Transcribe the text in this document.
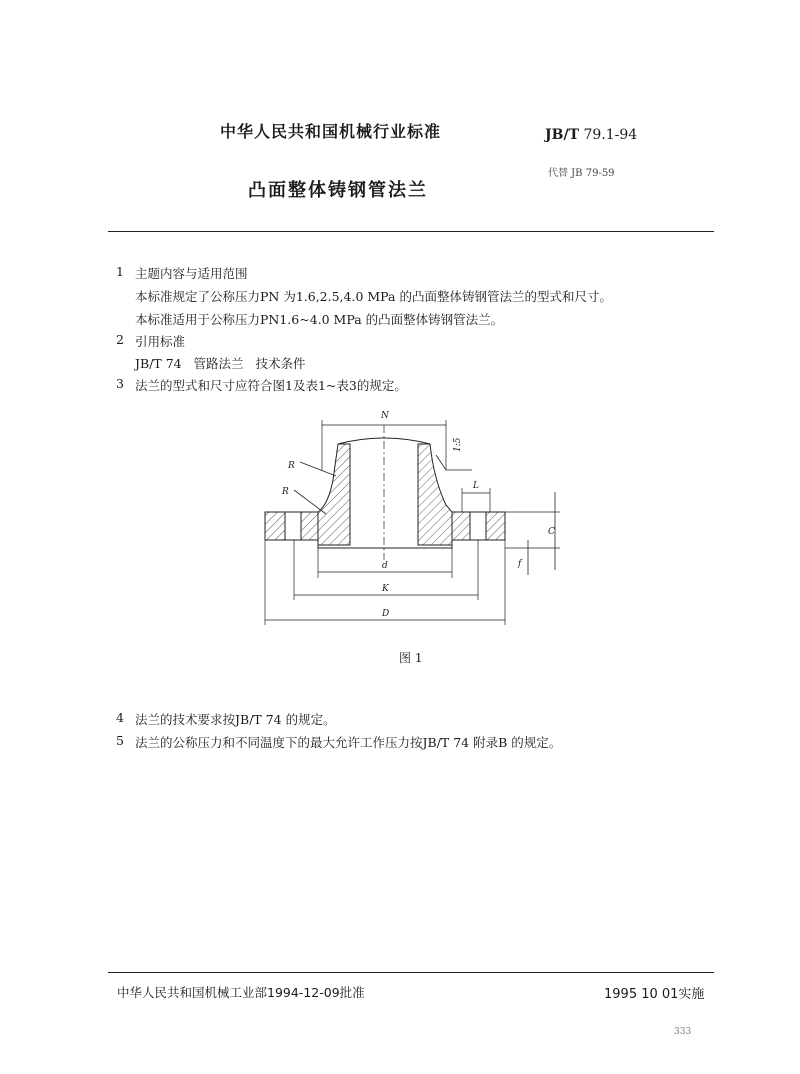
中华人民共和国机械行业标准	JB/T 79.1-94
代替 JB 79-59
凸面整体铸钢管法兰
1 主题内容与适用范围
本标准规定了公称压力PN 为1.6,2.5,4.0 MPa 的凸面整体铸钢管法兰的型式和尺寸。
本标准适用于公称压力PN1.6~4.0 MPa 的凸面整体铸钢管法兰。
2 引用标准
JB/T 74   管路法兰   技术条件
3 法兰的型式和尺寸应符合图1及表1~表3的规定。
N
R
R
1:5
L
C
f
d
K
D
图 1
4 法兰的技术要求按JB/T 74 的规定。
5 法兰的公称压力和不同温度下的最大允许工作压力按JB/T 74 附录B 的规定。
中华人民共和国机械工业部1994-12-09批准	1995 10 01实施
333
